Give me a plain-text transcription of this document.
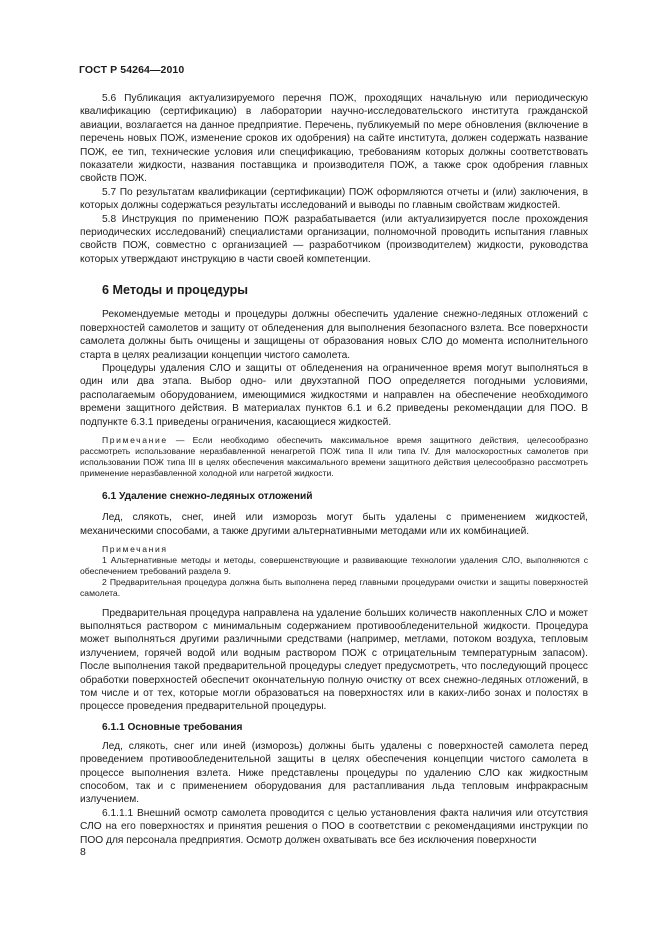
ГОСТ Р 54264—2010

5.6 Публикация актуализируемого перечня ПОЖ, проходящих начальную или периодическую квалификацию (сертификацию) в лаборатории научно-исследовательского института гражданской авиации, возлагается на данное предприятие. Перечень, публикуемый по мере обновления (включение в перечень новых ПОЖ, изменение сроков их одобрения) на сайте института, должен содержать название ПОЖ, ее тип, технические условия или спецификацию, требованиям которых должны соответствовать показатели жидкости, названия поставщика и производителя ПОЖ, а также срок одобрения главных свойств ПОЖ.

5.7 По результатам квалификации (сертификации) ПОЖ оформляются отчеты и (или) заключения, в которых должны содержаться результаты исследований и выводы по главным свойствам жидкостей.

5.8 Инструкция по применению ПОЖ разрабатывается (или актуализируется после прохождения периодических исследований) специалистами организации, полномочной проводить испытания главных свойств ПОЖ, совместно с организацией — разработчиком (производителем) жидкости, руководства которых утверждают инструкцию в части своей компетенции.

6 Методы и процедуры

Рекомендуемые методы и процедуры должны обеспечить удаление снежно-ледяных отложений с поверхностей самолетов и защиту от обледенения для выполнения безопасного взлета. Все поверхности самолета должны быть очищены и защищены от образования новых СЛО до момента исполнительного старта в целях реализации концепции чистого самолета.

Процедуры удаления СЛО и защиты от обледенения на ограниченное время могут выполняться в один или два этапа. Выбор одно- или двухэтапной ПОО определяется погодными условиями, располагаемым оборудованием, имеющимися жидкостями и направлен на обеспечение необходимого времени защитного действия. В материалах пунктов 6.1 и 6.2 приведены рекомендации для ПОО. В подпункте 6.3.1 приведены ограничения, касающиеся жидкостей.

Примечание — Если необходимо обеспечить максимальное время защитного действия, целесообразно рассмотреть использование неразбавленной ненагретой ПОЖ типа II или типа IV. Для малоскоростных самолетов при использовании ПОЖ типа III в целях обеспечения максимального времени защитного действия целесообразно рассмотреть применение неразбавленной холодной или нагретой жидкости.

6.1 Удаление снежно-ледяных отложений

Лед, слякоть, снег, иней или изморозь могут быть удалены с применением жидкостей, механическими способами, а также другими альтернативными методами или их комбинацией.

Примечания

1 Альтернативные методы и методы, совершенствующие и развивающие технологии удаления СЛО, выполняются с обеспечением требований раздела 9.

2 Предварительная процедура должна быть выполнена перед главными процедурами очистки и защиты поверхностей самолета.

Предварительная процедура направлена на удаление больших количеств накопленных СЛО и может выполняться раствором с минимальным содержанием противообледенительной жидкости. Процедура может выполняться другими различными средствами (например, метлами, потоком воздуха, тепловым излучением, горячей водой или водным раствором ПОЖ с отрицательным температурным запасом). После выполнения такой предварительной процедуры следует предусмотреть, что последующий процесс обработки поверхностей обеспечит окончательную полную очистку от всех снежно-ледяных отложений, в том числе и от тех, которые могли образоваться на поверхностях или в каких-либо зонах и полостях в процессе проведения предварительной процедуры.

6.1.1 Основные требования

Лед, слякоть, снег или иней (изморозь) должны быть удалены с поверхностей самолета перед проведением противообледенительной защиты в целях обеспечения концепции чистого самолета в процессе выполнения взлета. Ниже представлены процедуры по удалению СЛО как жидкостным способом, так и с применением оборудования для растапливания льда тепловым инфракрасным излучением.

6.1.1.1 Внешний осмотр самолета проводится с целью установления факта наличия или отсутствия СЛО на его поверхностях и принятия решения о ПОО в соответствии с рекомендациями инструкции по ПОО для персонала предприятия. Осмотр должен охватывать все без исключения поверхности

8
